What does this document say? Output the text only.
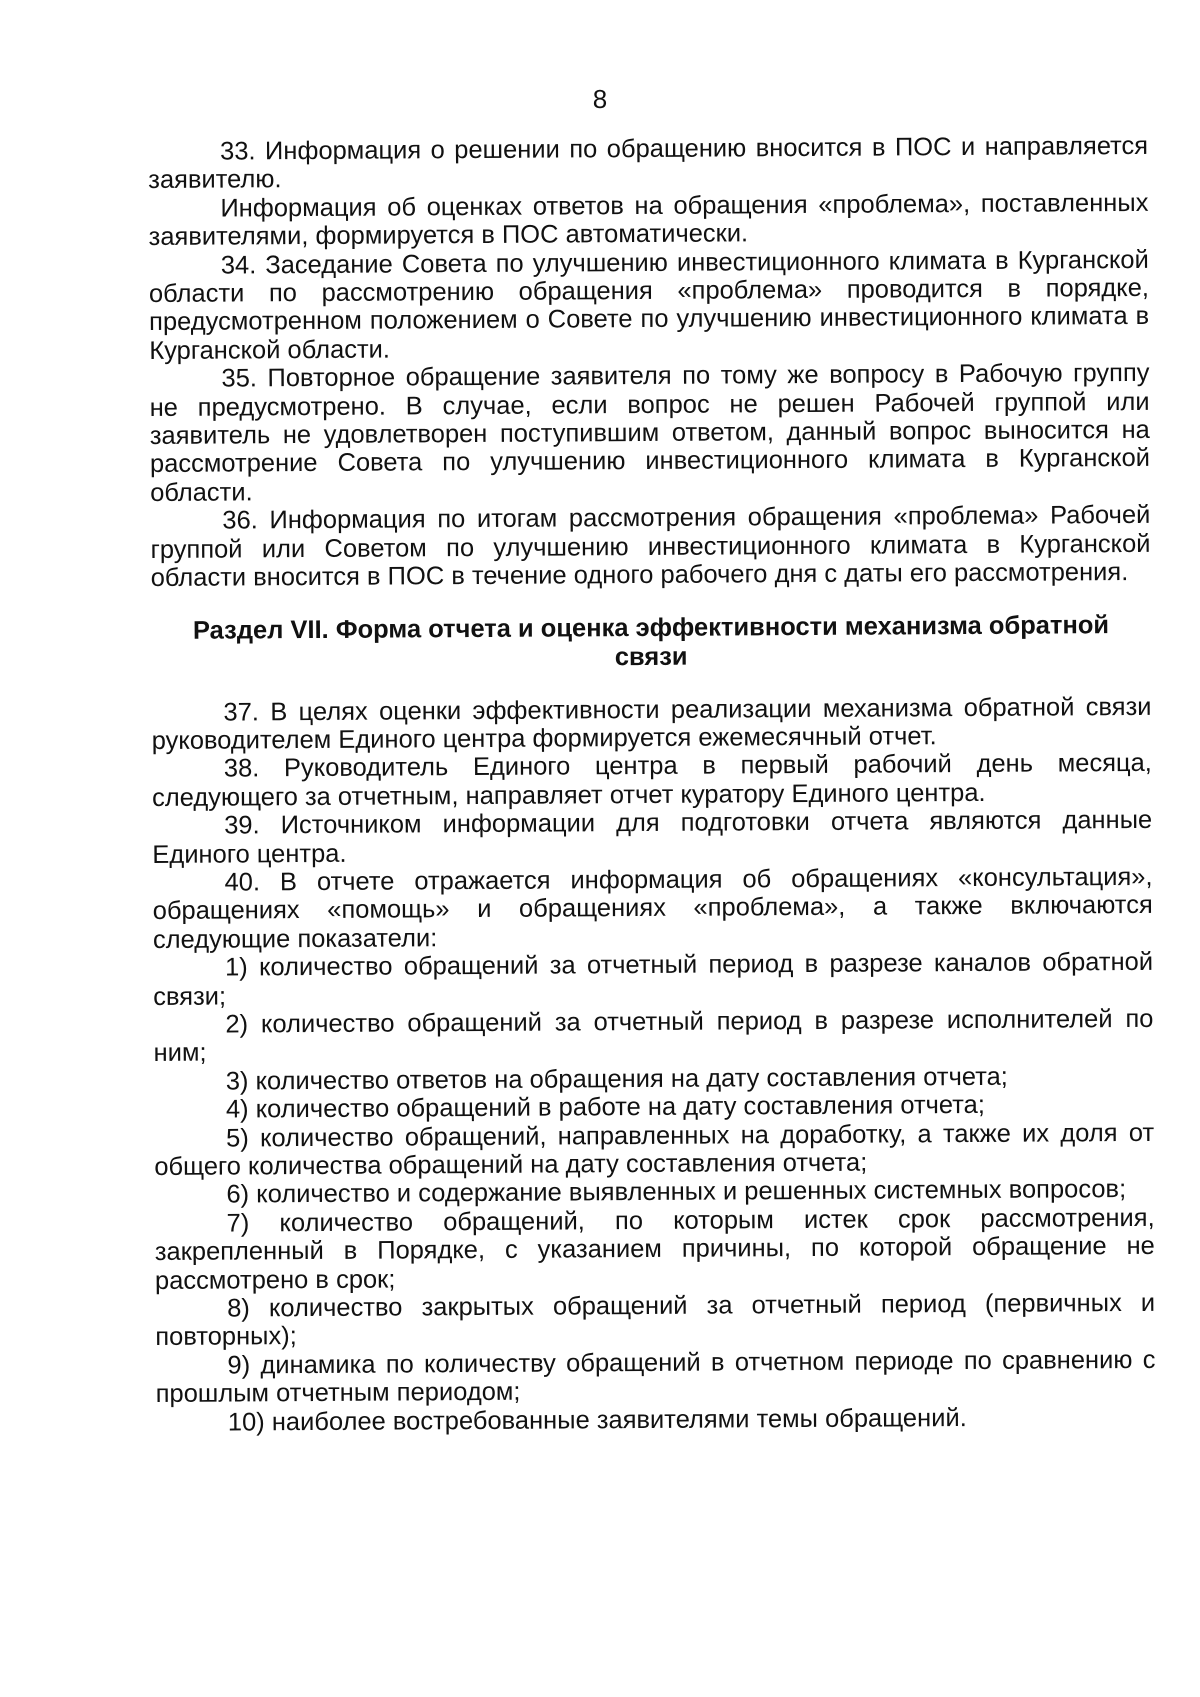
8

33. Информация о решении по обращению вносится в ПОС и направляется заявителю.

Информация об оценках ответов на обращения «проблема», поставленных заявителями, формируется в ПОС автоматически.

34. Заседание Совета по улучшению инвестиционного климата в Курганской области по рассмотрению обращения «проблема» проводится в порядке, предусмотренном положением о Совете по улучшению инвестиционного климата в Курганской области.

35. Повторное обращение заявителя по тому же вопросу в Рабочую группу не предусмотрено. В случае, если вопрос не решен Рабочей группой или заявитель не удовлетворен поступившим ответом, данный вопрос выносится на рассмотрение Совета по улучшению инвестиционного климата в Курганской области.

36. Информация по итогам рассмотрения обращения «проблема» Рабочей группой или Советом по улучшению инвестиционного климата в Курганской области вносится в ПОС в течение одного рабочего дня с даты его рассмотрения.

Раздел VII. Форма отчета и оценка эффективности механизма обратной связи

37. В целях оценки эффективности реализации механизма обратной связи руководителем Единого центра формируется ежемесячный отчет.

38. Руководитель Единого центра в первый рабочий день месяца, следующего за отчетным, направляет отчет куратору Единого центра.

39. Источником информации для подготовки отчета являются данные Единого центра.

40. В отчете отражается информация об обращениях «консультация», обращениях «помощь» и обращениях «проблема», а также включаются следующие показатели:

1) количество обращений за отчетный период в разрезе каналов обратной связи;

2) количество обращений за отчетный период в разрезе исполнителей по ним;

3) количество ответов на обращения на дату составления отчета;

4) количество обращений в работе на дату составления отчета;

5) количество обращений, направленных на доработку, а также их доля от общего количества обращений на дату составления отчета;

6) количество и содержание выявленных и решенных системных вопросов;

7) количество обращений, по которым истек срок рассмотрения, закрепленный в Порядке, с указанием причины, по которой обращение не рассмотрено в срок;

8) количество закрытых обращений за отчетный период (первичных и повторных);

9) динамика по количеству обращений в отчетном периоде по сравнению с прошлым отчетным периодом;

10) наиболее востребованные заявителями темы обращений.
